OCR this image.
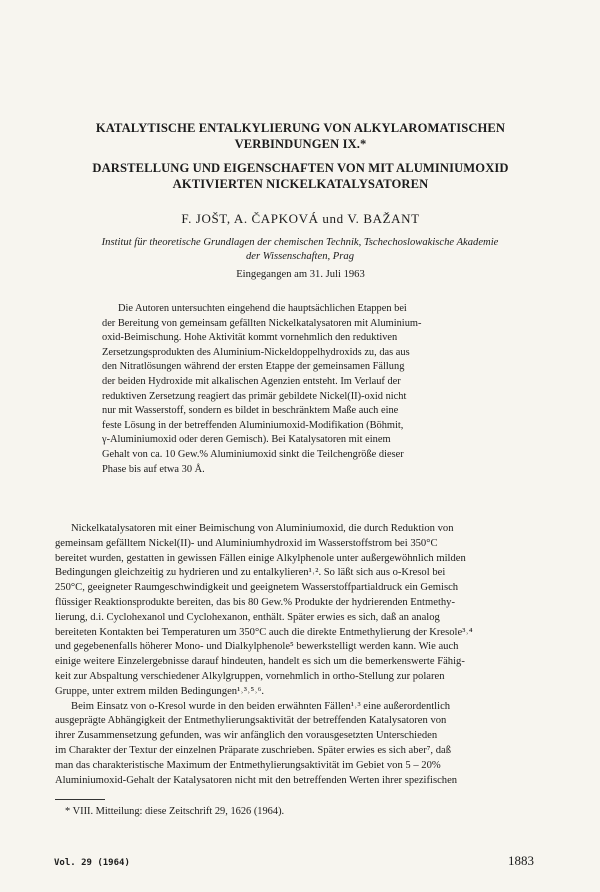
KATALYTISCHE ENTALKYLIERUNG VON ALKYLAROMATISCHEN
VERBINDUNGEN IX.*
DARSTELLUNG UND EIGENSCHAFTEN VON MIT ALUMINIUMOXID
AKTIVIERTEN NICKELKATALYSATOREN
F. JOŠT, A. ČAPKOVÁ und V. BAŽANT
Institut für theoretische Grundlagen der chemischen Technik, Tschechoslowakische Akademie
der Wissenschaften, Prag
Eingegangen am 31. Juli 1963
Die Autoren untersuchten eingehend die hauptsächlichen Etappen bei
der Bereitung von gemeinsam gefällten Nickelkatalysatoren mit Aluminium-
oxid-Beimischung. Hohe Aktivität kommt vornehmlich den reduktiven
Zersetzungsprodukten des Aluminium-Nickeldoppelhydroxids zu, das aus
den Nitratlösungen während der ersten Etappe der gemeinsamen Fällung
der beiden Hydroxide mit alkalischen Agenzien entsteht. Im Verlauf der
reduktiven Zersetzung reagiert das primär gebildete Nickel(II)-oxid nicht
nur mit Wasserstoff, sondern es bildet in beschränktem Maße auch eine
feste Lösung in der betreffenden Aluminiumoxid-Modifikation (Böhmit,
γ-Aluminiumoxid oder deren Gemisch). Bei Katalysatoren mit einem
Gehalt von ca. 10 Gew.% Aluminiumoxid sinkt die Teilchengröße dieser
Phase bis auf etwa 30 Å.
Nickelkatalysatoren mit einer Beimischung von Aluminiumoxid, die durch Reduktion von
gemeinsam gefälltem Nickel(II)- und Aluminiumhydroxid im Wasserstoffstrom bei 350°C
bereitet wurden, gestatten in gewissen Fällen einige Alkylphenole unter außergewöhnlich milden
Bedingungen gleichzeitig zu hydrieren und zu entalkylieren¹˒². So läßt sich aus o-Kresol bei
250°C, geeigneter Raumgeschwindigkeit und geeignetem Wasserstoffpartialdruck ein Gemisch
flüssiger Reaktionsprodukte bereiten, das bis 80 Gew.% Produkte der hydrierenden Entmethy-
lierung, d.i. Cyclohexanol und Cyclohexanon, enthält. Später erwies es sich, daß an analog
bereiteten Kontakten bei Temperaturen um 350°C auch die direkte Entmethylierung der Kresole³˒⁴
und gegebenenfalls höherer Mono- und Dialkylphenole⁵ bewerkstelligt werden kann. Wie auch
einige weitere Einzelergebnisse darauf hindeuten, handelt es sich um die bemerkenswerte Fähig-
keit zur Abspaltung verschiedener Alkylgruppen, vornehmlich in ortho-Stellung zur polaren
Gruppe, unter extrem milden Bedingungen¹˒³˒⁵˒⁶.
Beim Einsatz von o-Kresol wurde in den beiden erwähnten Fällen¹˒³ eine außerordentlich
ausgeprägte Abhängigkeit der Entmethylierungsaktivität der betreffenden Katalysatoren von
ihrer Zusammensetzung gefunden, was wir anfänglich den vorausgesetzten Unterschieden
im Charakter der Textur der einzelnen Präparate zuschrieben. Später erwies es sich aber⁷, daß
man das charakteristische Maximum der Entmethylierungsaktivität im Gebiet von 5 – 20%
Aluminiumoxid-Gehalt der Katalysatoren nicht mit den betreffenden Werten ihrer spezifischen
* VIII. Mitteilung: diese Zeitschrift 29, 1626 (1964).
Vol. 29 (1964)	1883
